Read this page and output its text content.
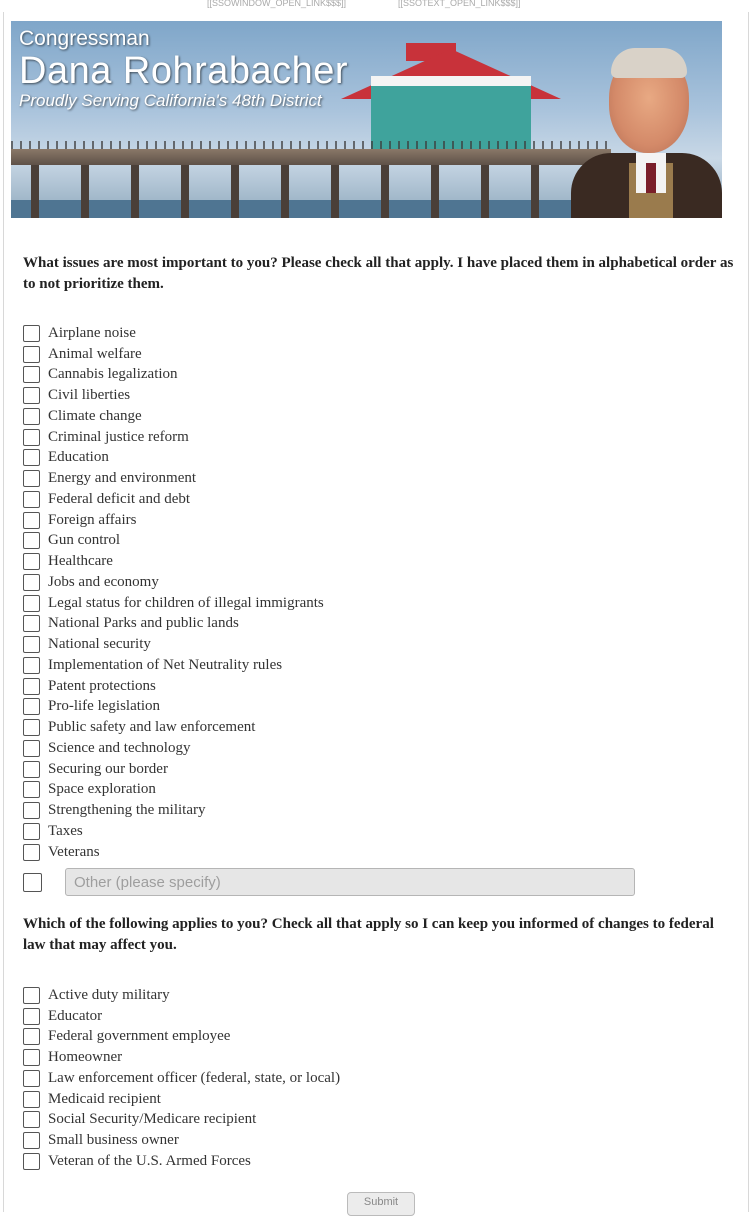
[[SSOWINDOW_OPEN_LINK$$$]]	[[SSOTEXT_OPEN_LINK$$$]]
Congressman
Dana Rohrabacher
Proudly Serving California's 48th District
What issues are most important to you? Please check all that apply. I have placed them in alphabetical order as to not prioritize them.
Airplane noise
Animal welfare
Cannabis legalization
Civil liberties
Climate change
Criminal justice reform
Education
Energy and environment
Federal deficit and debt
Foreign affairs
Gun control
Healthcare
Jobs and economy
Legal status for children of illegal immigrants
National Parks and public lands
National security
Implementation of Net Neutrality rules
Patent protections
Pro-life legislation
Public safety and law enforcement
Science and technology
Securing our border
Space exploration
Strengthening the military
Taxes
Veterans
Other (please specify)
Which of the following applies to you? Check all that apply so I can keep you informed of changes to federal law that may affect you.
Active duty military
Educator
Federal government employee
Homeowner
Law enforcement officer (federal, state, or local)
Medicaid recipient
Social Security/Medicare recipient
Small business owner
Veteran of the U.S. Armed Forces
Submit
